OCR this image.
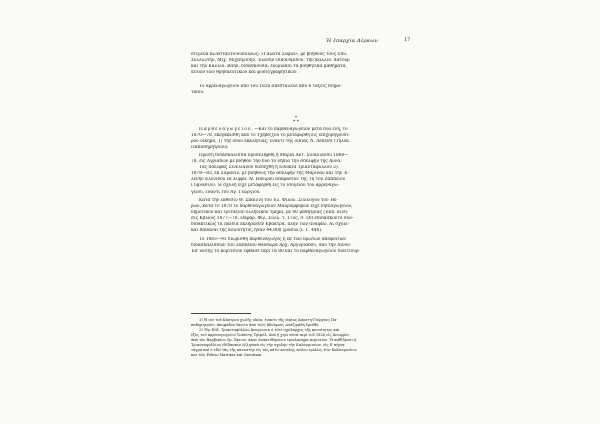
Ἡ ἐπαρχία Δέρκων	17
σιτμένα Κωνσταντινουπόλεως: «Γαλατᾶ Σοφία», μὲ βοηθούς τοὺς Σπυ.
Σελλιώτην, Μιχ. Μιχαηλίδην, Ἐλένην Οἰκονομίδου, τὴν Καλλιό. Χατοῦρ
καὶ τὴν Καλλιό. Βάην, διδάσκουσα; ἐνοριακοὶ τὰ βοηθητικὰ μαθήματα,
αὐτῶν τῶν θρησκευτικῶν καὶ φυσιογραφητικῶν.
Τὸ ἀρρεναγωγεῖον ἀπὸ τοῦ 1826 ἀπεστάλευε ἀπὸ 6 τάξεις διημο-
τικοῦ.
*
* *
Παρθεναγωγεῖον.—Καὶ τὸ παρθεναγωγεῖον μετὰ δύο ἔνη, τὸ
1870—78, ἐκεγκαίσθη ἀπὸ τὸ Τχεβέζζου τὸ μετεφορθῆ εἰς ἐπιχορηγοῦσι-
ρον οἴκημα, 1) τῆς ὁδοῦ ἐκκλησίας, ἔναντι τῆς οἰκίας Ν. Λεπειδί (Τηλεκ.
Παπαδημητρίου).
Πρῶτη διδασκάλισσα προσελήφθη ἡ Μαρία Ἀντ. Σιναλιανοῦ 1868—
78, εἰς Ἀγριάδων μὲ βοηθὸν τὴν δύο τὸ νήπια τῆν ἀδελφήν τῆς Ἄννα.
Τὰς ἀδελφὰς Σινελιανοῦ διεδέχθη ἡ Εἰδοκία Τριανταφύλλου 2),
1878—83, ἐκ Σαρανὶν, μὲ βοηθοὺς τὴν ἀδελφὴν τῆς Μαρίναν καὶ τὴν Ἐ-
λένην Ελενίδου ἐκ Σίφρα. Αἱ Ἠπείρου ἀπέφασιον τῆς 1η τοῦ Ζαππείου
Γυμνασίου. Ἡ σχολὴ εἶχε μεταφερθῆ εἰς τὸ ἰσόγειον τοῦ ἀρρεναγω-
γείου, ἔναντι τοῦ Ἁγ. Γεωργίου.
Κατὰ τὴν ἔκθεσιν Θ. Σπαΐλιη τοῦ Ἑλ. Φιλολ. Συλλόγου τοῦ Ἠέ-
ρων, κατὰ τὸ 1878 τὸ παρθεναγωγεῖον Μαυρομφορῶν εἶχε νηπιαγωγεῖον,
δημοτικὸν καὶ τριτάξιον ἑλληνικὸν τμῆμα, μὲ 60 μαθητρίας (Ἐκπ. κίνη-
σις Κβλους 1877—78, Παραρ. Φιλ. Σύλλ. τ. 17ος, σ. 50) ἐδιδάσκοντο συν-
διδακτικῶς τὰ παιδιὰ ἑκλήρωσεν Κβάκτρα, πλὴν τῶν ἀνάφεω. Αἱ σχολι-
καὶ δαπάναι τῆς κοινότητος ἦσαν 44.900 γρόσια (Ι. Γ. 440).
Τὸ 1883—91 διωρίσθη παρθεναγωγὸς ἡ ἐκ τῶν πρώτων ἀποφοίτων
διδασκαλισσῶν τοῦ Ζαππείου Θεοδώρα Ἀρχ. Ἀργυριάδου, ἀπὸ τὴν Αἴνον.
Ἐπ' αὐτῆς τὸ κορίτσιον ἔφθασε περὶ τὰ 80 καὶ τὸ παρθεναγωγεῖον διαιτιοῦρ-
1) Ἡ σεὶ τοῦ Κάστρου χωλῆς οἰκία, ἔναντι τῆς οἰκίας Ἀποστη-Γεόργιας Πα-
παδημητρίου, ἀποφάδου ἔκειτο ἀπὸ τοὺς ἀδελφοὺς Αναζιράδη ἔρεύθη.
2) Τὴν Εὐδ. Τριανταφύλλου Ἀναγνωσπ ὁ τότε σχόλαρχος τῆς κοινότητος καὶ
ἐξὸς τοῦ ἀρρεναγωγείου Ἰωάννης Τριφύλ. ἀπὸ ἡ χηοι αὐτὰ περὶ τοῦ 1826 εἰς Ἀνωφρίσ
ἀπὸ τὸν Βαρβεκίου Σμ. Σκτων, ἀκον ἀνακτιθέμενον τρικλαπημα περινείου. Ἡ καθίδρυσι ἡ
Τριανταφυλλίου ἐδίδασκεν ἑλληνικὰ εἰς τὴν σχολὴν τῆν Καλανρισέων, εἰς δ' πήνια
τάγρα καὶ ὁ ἐδώ τὰς τῆς καταστήν εἰς τὰς κάτω κοτέλης πώλιο τριάλις τῶν Καλανρισέων
καὶ τῶν Pelicio Martinia καὶ Oreottain.
